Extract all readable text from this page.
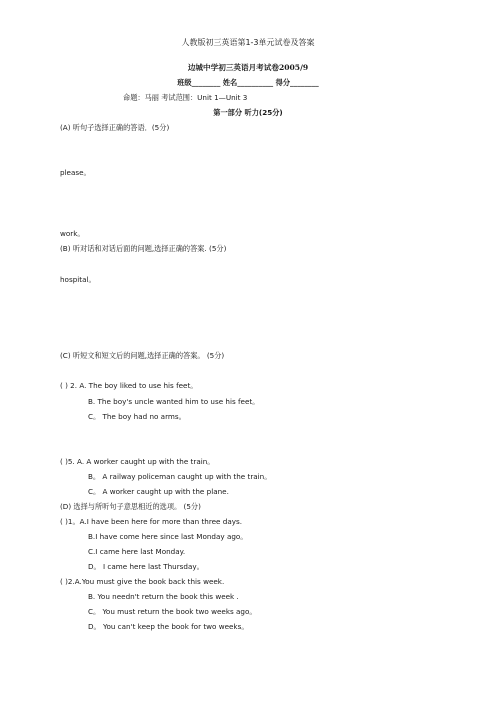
人教版初三英语第1-3单元试卷及答案
边城中学初三英语月考试卷2005/9
班级________ 姓名__________ 得分________
命题：马丽 考试范围：Unit 1—Unit 3
第一部分 听力(25分)
(A) 听句子选择正确的答语．(5分)
please。
work。
(B) 听对话和对话后面的问题,选择正确的答案. (5分)
hospital。
(C) 听短文和短文后的问题,选择正确的答案。 (5分)
( ) 2. A. The boy liked to use his feet。
B. The boy's uncle wanted him to use his feet。
C。 The boy had no arms。
( )5. A. A worker caught up with the train。
B。 A railway policeman caught up with the train。
C。 A worker caught up with the plane.
(D) 选择与所听句子意思相近的选项。 (5分)
( )1。A.I have been here for more than three days.
B.I have come here since last Monday ago。
C.I came here last Monday.
D。 I came here last Thursday。
( )2.A.You must give the book back this week.
B. You needn't return the book this week .
C。 You must return the book two weeks ago。
D。 You can't keep the book for two weeks。
